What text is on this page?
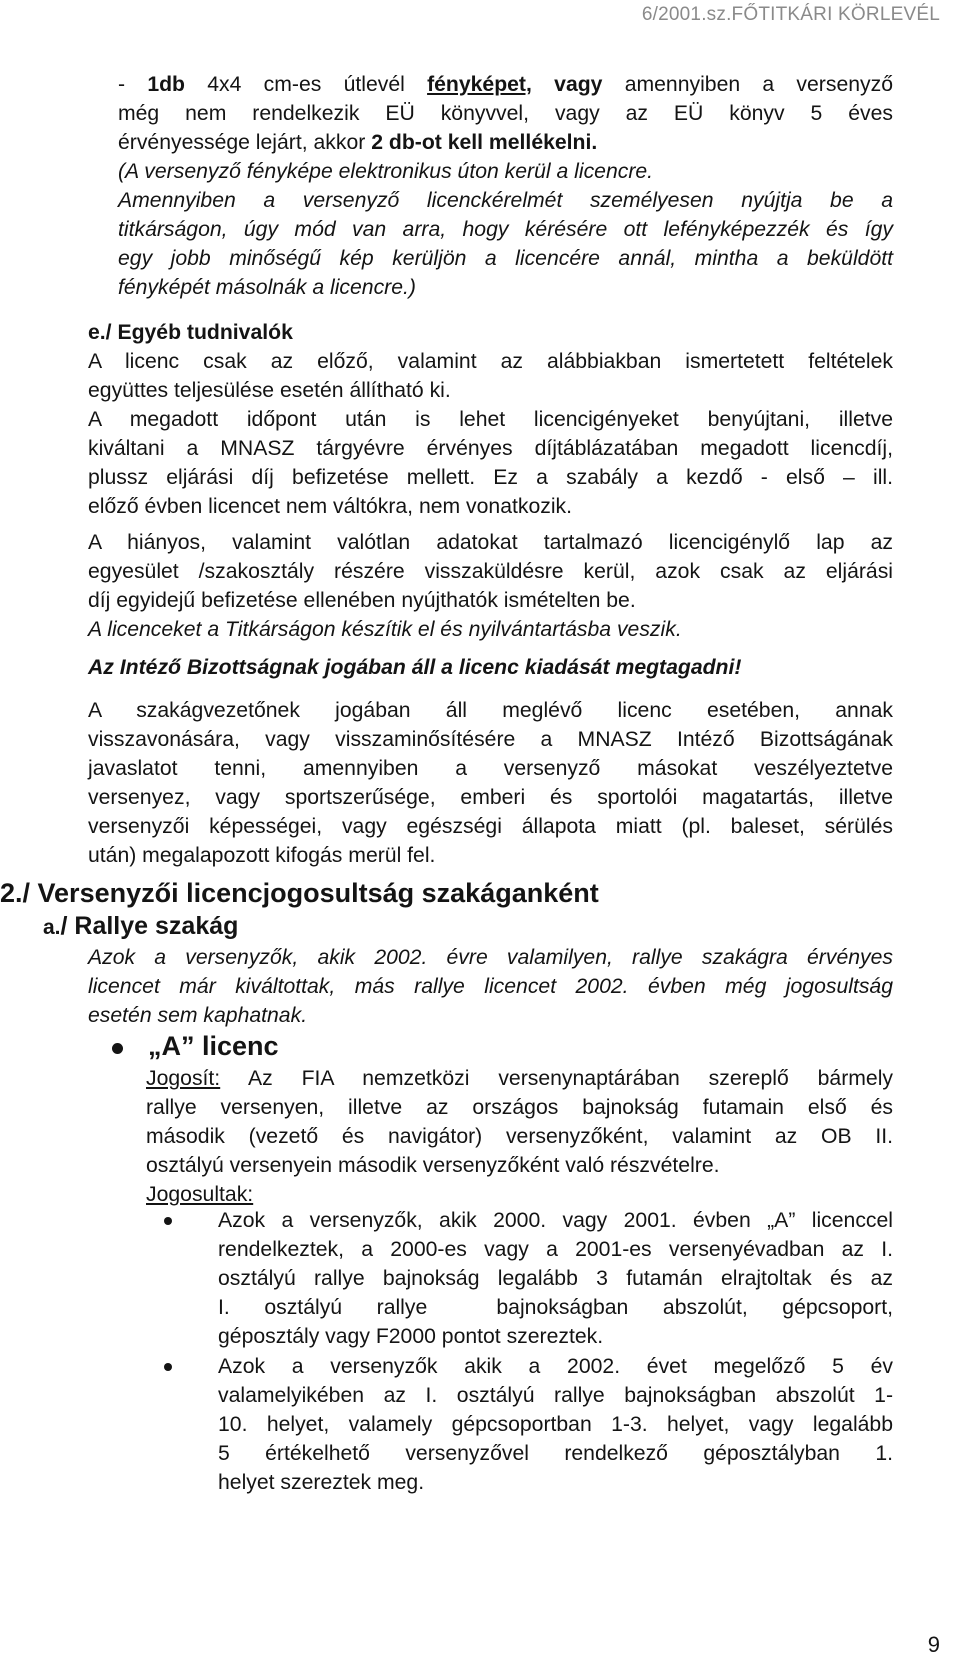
6/2001.sz.FŐTITKÁRI KÖRLEVÉL
- 1db 4x4 cm-es útlevél fényképet, vagy amennyiben a versenyző
még nem rendelkezik EÜ könyvvel, vagy az EÜ könyv 5 éves
érvényessége lejárt, akkor 2 db-ot kell mellékelni.
(A versenyző fényképe elektronikus úton kerül a licencre.
Amennyiben a versenyző licenckérelmét személyesen nyújtja be a
titkárságon, úgy mód van arra, hogy kérésére ott lefényképezzék és így
egy jobb minőségű kép kerüljön a licencére annál, mintha a beküldött
fényképét másolnák a licencre.)
e./ Egyéb tudnivalók
A licenc csak az előző, valamint az alábbiakban ismertetett feltételek
együttes teljesülése esetén állítható ki.
A megadott időpont után is lehet licencigényeket benyújtani, illetve
kiváltani a MNASZ tárgyévre érvényes díjtáblázatában megadott licencdíj,
plussz eljárási díj befizetése mellett. Ez a szabály a kezdő - első – ill.
előző évben licencet nem váltókra, nem vonatkozik.
A hiányos, valamint valótlan adatokat tartalmazó licencigénylő lap az
egyesület /szakosztály részére visszaküldésre kerül, azok csak az eljárási
díj egyidejű befizetése ellenében nyújthatók ismételten be.
A licenceket a Titkárságon készítik el és nyilvántartásba veszik.
Az Intéző Bizottságnak jogában áll a licenc kiadását megtagadni!
A szakágvezetőnek jogában áll meglévő licenc esetében, annak
visszavonására, vagy visszaminősítésére a MNASZ Intéző Bizottságának
javaslatot tenni, amennyiben a versenyző másokat veszélyeztetve
versenyez, vagy sportszerűsége, emberi és sportolói magatartás, illetve
versenyzői képességei, vagy egészségi állapota miatt (pl. baleset, sérülés
után) megalapozott kifogás merül fel.
2./ Versenyzői licencjogosultság szakáganként
a./ Rallye szakág
Azok a versenyzők, akik 2002. évre valamilyen, rallye szakágra érvényes
licencet már kiváltottak, más rallye licencet 2002. évben még jogosultság
esetén sem kaphatnak.
„A” licenc
Jogosít: Az FIA nemzetközi versenynaptárában szereplő bármely
rallye versenyen, illetve az országos bajnokság futamain első és
második (vezető és navigátor) versenyzőként, valamint az OB II.
osztályú versenyein második versenyzőként való részvételre.
Jogosultak:
Azok a versenyzők, akik 2000. vagy 2001. évben „A” licenccel
rendelkeztek, a 2000-es vagy a 2001-es versenyévadban az I.
osztályú rallye bajnokság legalább 3 futamán elrajtoltak és az
I.  osztályú  rallye    bajnokságban  abszolút,  gépcsoport,
géposztály vagy F2000 pontot szereztek.
Azok a versenyzők akik a 2002. évet megelőző 5 év
valamelyikében az I. osztályú rallye bajnokságban abszolút 1-
10. helyet, valamely gépcsoportban 1-3. helyet, vagy legalább
5 értékelhető versenyzővel rendelkező géposztályban 1.
helyet szereztek meg.
9
